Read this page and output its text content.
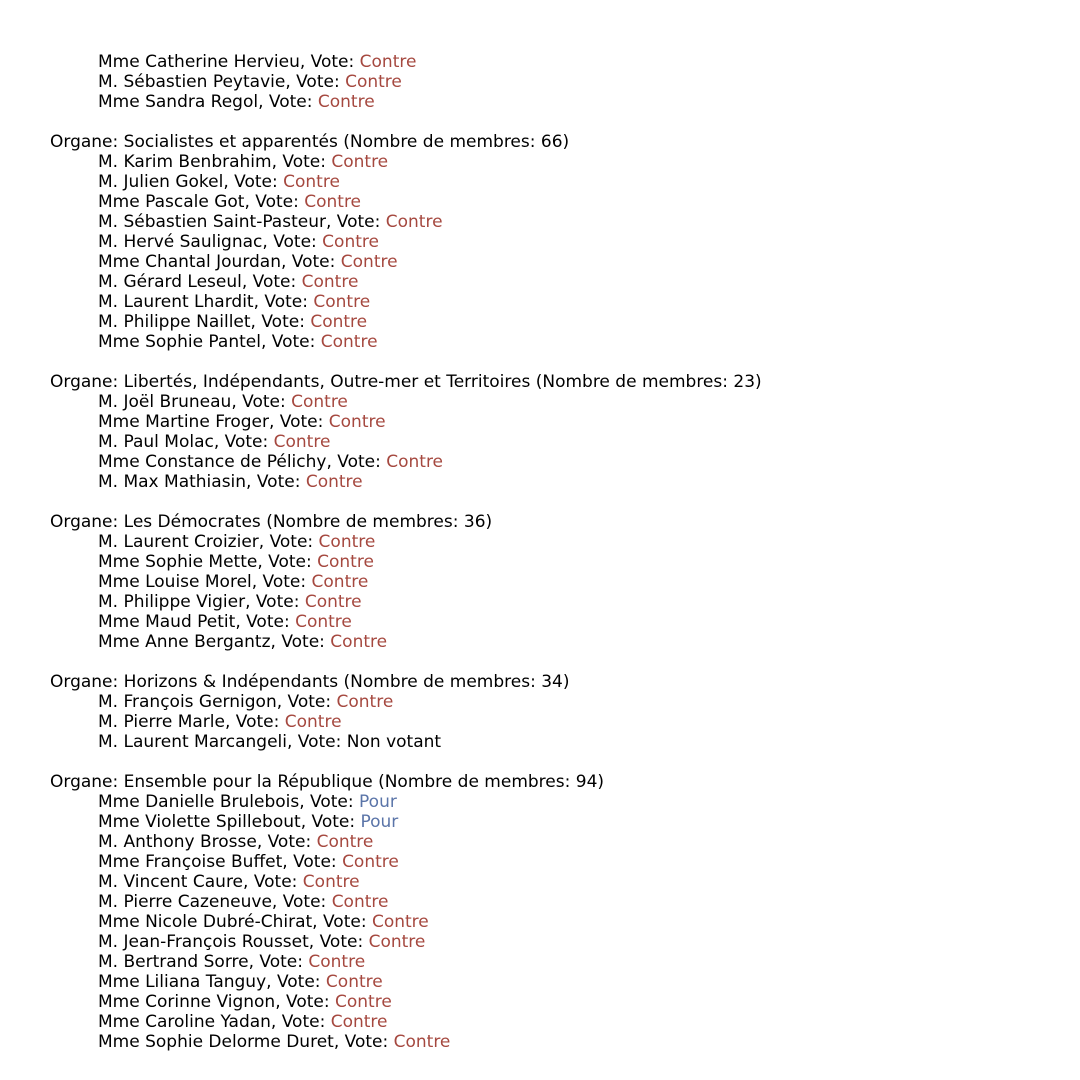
Mme Catherine Hervieu, Vote: Contre
M. Sébastien Peytavie, Vote: Contre
Mme Sandra Regol, Vote: Contre
Organe: Socialistes et apparentés (Nombre de membres: 66)
M. Karim Benbrahim, Vote: Contre
M. Julien Gokel, Vote: Contre
Mme Pascale Got, Vote: Contre
M. Sébastien Saint-Pasteur, Vote: Contre
M. Hervé Saulignac, Vote: Contre
Mme Chantal Jourdan, Vote: Contre
M. Gérard Leseul, Vote: Contre
M. Laurent Lhardit, Vote: Contre
M. Philippe Naillet, Vote: Contre
Mme Sophie Pantel, Vote: Contre
Organe: Libertés, Indépendants, Outre-mer et Territoires (Nombre de membres: 23)
M. Joël Bruneau, Vote: Contre
Mme Martine Froger, Vote: Contre
M. Paul Molac, Vote: Contre
Mme Constance de Pélichy, Vote: Contre
M. Max Mathiasin, Vote: Contre
Organe: Les Démocrates (Nombre de membres: 36)
M. Laurent Croizier, Vote: Contre
Mme Sophie Mette, Vote: Contre
Mme Louise Morel, Vote: Contre
M. Philippe Vigier, Vote: Contre
Mme Maud Petit, Vote: Contre
Mme Anne Bergantz, Vote: Contre
Organe: Horizons & Indépendants (Nombre de membres: 34)
M. François Gernigon, Vote: Contre
M. Pierre Marle, Vote: Contre
M. Laurent Marcangeli, Vote: Non votant
Organe: Ensemble pour la République (Nombre de membres: 94)
Mme Danielle Brulebois, Vote: Pour
Mme Violette Spillebout, Vote: Pour
M. Anthony Brosse, Vote: Contre
Mme Françoise Buffet, Vote: Contre
M. Vincent Caure, Vote: Contre
M. Pierre Cazeneuve, Vote: Contre
Mme Nicole Dubré-Chirat, Vote: Contre
M. Jean-François Rousset, Vote: Contre
M. Bertrand Sorre, Vote: Contre
Mme Liliana Tanguy, Vote: Contre
Mme Corinne Vignon, Vote: Contre
Mme Caroline Yadan, Vote: Contre
Mme Sophie Delorme Duret, Vote: Contre
